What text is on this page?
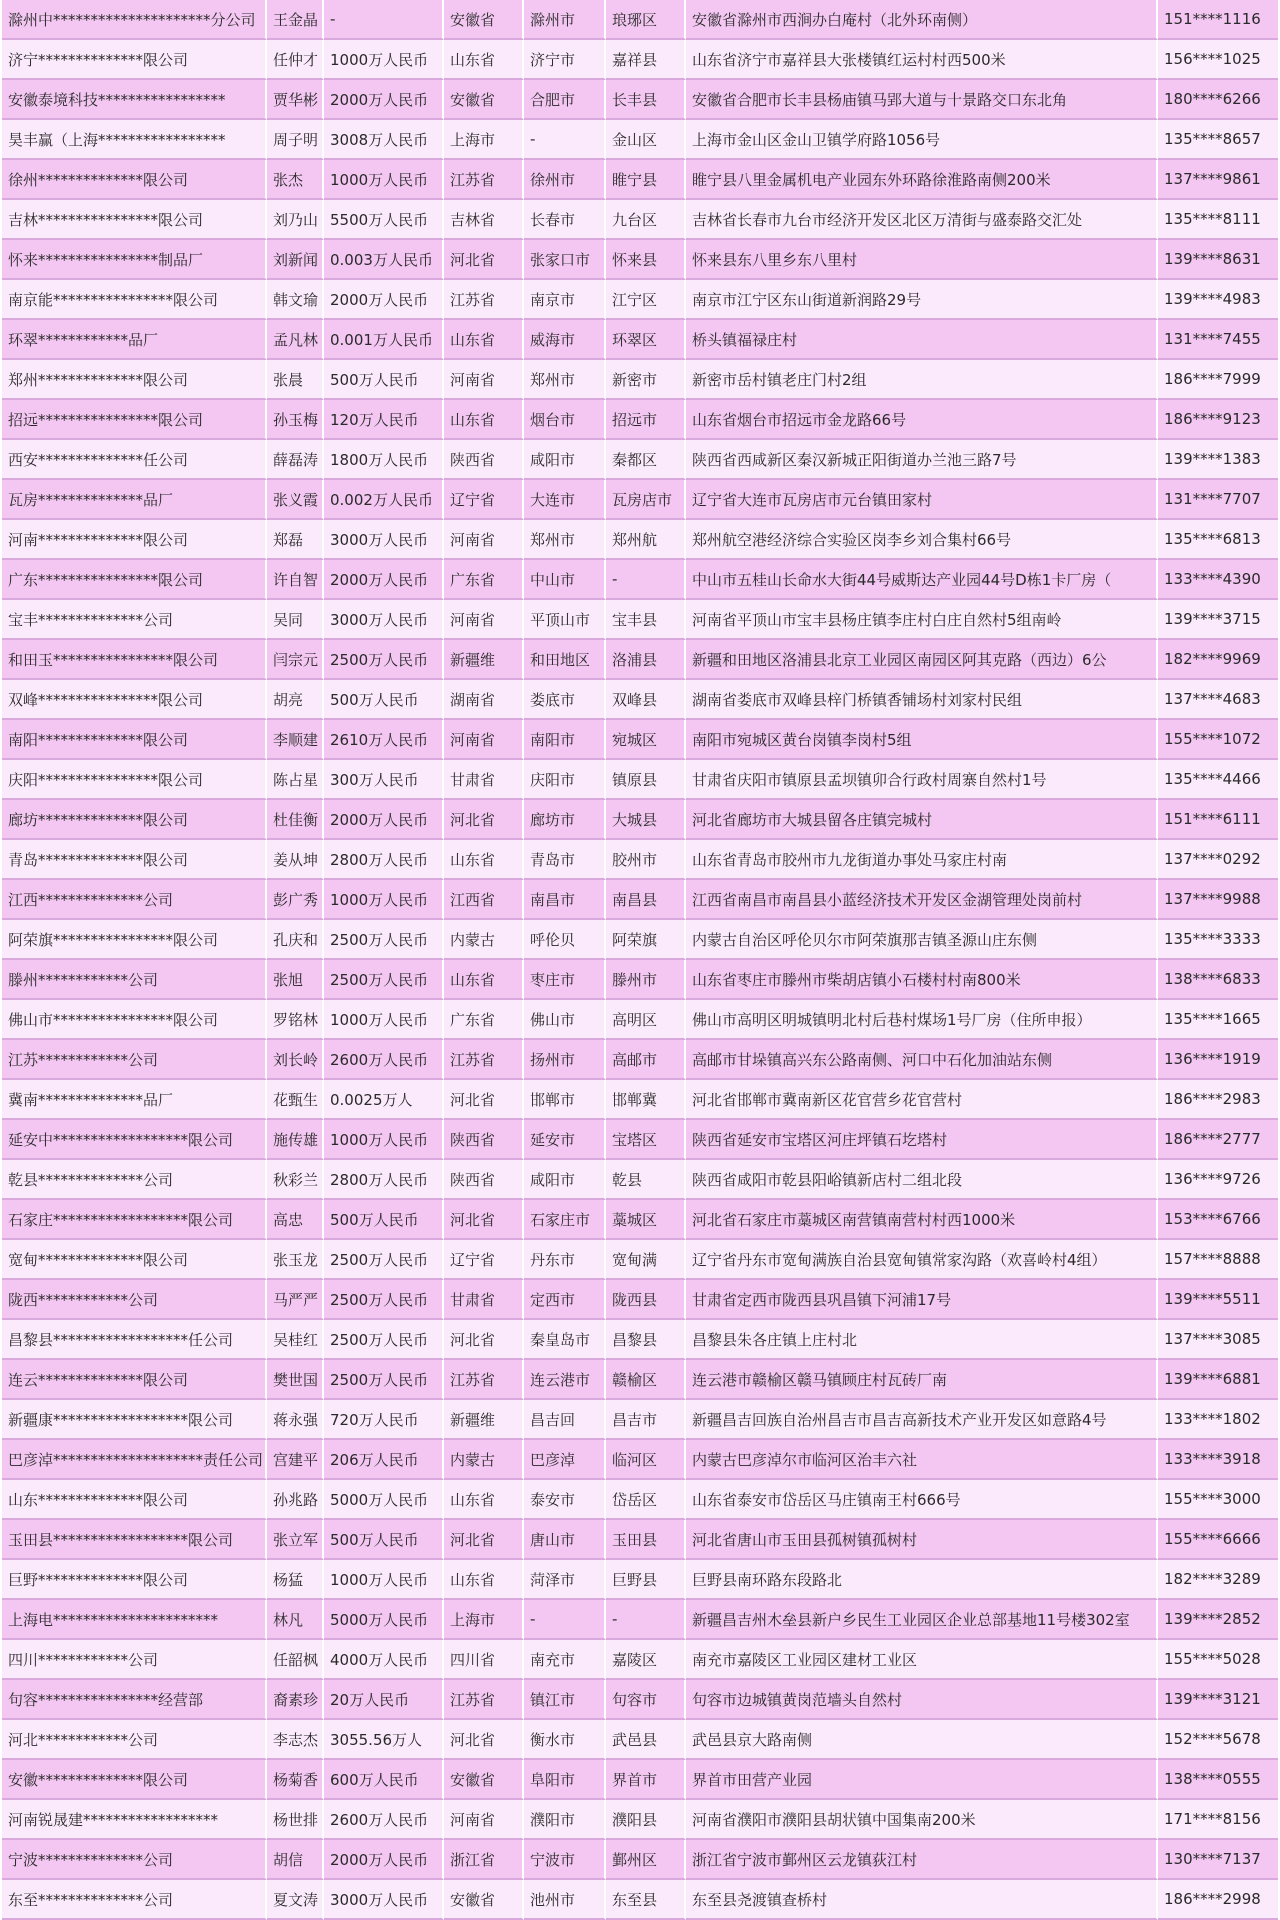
滁州中*********************分公司	王金晶	-	安徽省	滁州市	琅琊区	安徽省滁州市西涧办白庵村（北外环南侧）	151****1116
济宁**************限公司	任仲才	1000万人民币	山东省	济宁市	嘉祥县	山东省济宁市嘉祥县大张楼镇红运村村西500米	156****1025
安徽泰境科技*****************	贾华彬	2000万人民币	安徽省	合肥市	长丰县	安徽省合肥市长丰县杨庙镇马郢大道与十景路交口东北角	180****6266
昊丰赢（上海*****************	周子明	3008万人民币	上海市	-	金山区	上海市金山区金山卫镇学府路1056号	135****8657
徐州**************限公司	张杰	1000万人民币	江苏省	徐州市	睢宁县	睢宁县八里金属机电产业园东外环路徐淮路南侧200米	137****9861
吉林****************限公司	刘乃山	5500万人民币	吉林省	长春市	九台区	吉林省长春市九台市经济开发区北区万清街与盛泰路交汇处	135****8111
怀来****************制品厂	刘新闻	0.003万人民币	河北省	张家口市	怀来县	怀来县东八里乡东八里村	139****8631
南京能****************限公司	韩文瑜	2000万人民币	江苏省	南京市	江宁区	南京市江宁区东山街道新润路29号	139****4983
环翠************品厂	孟凡林	0.001万人民币	山东省	威海市	环翠区	桥头镇福禄庄村	131****7455
郑州**************限公司	张晨	500万人民币	河南省	郑州市	新密市	新密市岳村镇老庄门村2组	186****7999
招远****************限公司	孙玉梅	120万人民币	山东省	烟台市	招远市	山东省烟台市招远市金龙路66号	186****9123
西安**************任公司	薛磊涛	1800万人民币	陕西省	咸阳市	秦都区	陕西省西咸新区秦汉新城正阳街道办兰池三路7号	139****1383
瓦房**************品厂	张义霞	0.002万人民币	辽宁省	大连市	瓦房店市	辽宁省大连市瓦房店市元台镇田家村	131****7707
河南**************限公司	郑磊	3000万人民币	河南省	郑州市	郑州航	郑州航空港经济综合实验区岗李乡刘合集村66号	135****6813
广东****************限公司	许自智	2000万人民币	广东省	中山市	-	中山市五桂山长命水大街44号威斯达产业园44号D栋1卡厂房（	133****4390
宝丰**************公司	吴同	3000万人民币	河南省	平顶山市	宝丰县	河南省平顶山市宝丰县杨庄镇李庄村白庄自然村5组南岭	139****3715
和田玉****************限公司	闫宗元	2500万人民币	新疆维	和田地区	洛浦县	新疆和田地区洛浦县北京工业园区南园区阿其克路（西边）6公	182****9969
双峰****************限公司	胡亮	500万人民币	湖南省	娄底市	双峰县	湖南省娄底市双峰县梓门桥镇香铺场村刘家村民组	137****4683
南阳**************限公司	李顺建	2610万人民币	河南省	南阳市	宛城区	南阳市宛城区黄台岗镇李岗村5组	155****1072
庆阳****************限公司	陈占星	300万人民币	甘肃省	庆阳市	镇原县	甘肃省庆阳市镇原县孟坝镇卯合行政村周寨自然村1号	135****4466
廊坊**************限公司	杜佳衡	2000万人民币	河北省	廊坊市	大城县	河北省廊坊市大城县留各庄镇完城村	151****6111
青岛**************限公司	姜从坤	2800万人民币	山东省	青岛市	胶州市	山东省青岛市胶州市九龙街道办事处马家庄村南	137****0292
江西**************公司	彭广秀	1000万人民币	江西省	南昌市	南昌县	江西省南昌市南昌县小蓝经济技术开发区金湖管理处岗前村	137****9988
阿荣旗****************限公司	孔庆和	2500万人民币	内蒙古	呼伦贝	阿荣旗	内蒙古自治区呼伦贝尔市阿荣旗那吉镇圣源山庄东侧	135****3333
滕州************公司	张旭	2500万人民币	山东省	枣庄市	滕州市	山东省枣庄市滕州市柴胡店镇小石楼村村南800米	138****6833
佛山市****************限公司	罗铭林	1000万人民币	广东省	佛山市	高明区	佛山市高明区明城镇明北村后巷村煤场1号厂房（住所申报）	135****1665
江苏************公司	刘长岭	2600万人民币	江苏省	扬州市	高邮市	高邮市甘垛镇高兴东公路南侧、河口中石化加油站东侧	136****1919
冀南**************品厂	花甄生	0.0025万人	河北省	邯郸市	邯郸冀	河北省邯郸市冀南新区花官营乡花官营村	186****2983
延安中******************限公司	施传雄	1000万人民币	陕西省	延安市	宝塔区	陕西省延安市宝塔区河庄坪镇石圪塔村	186****2777
乾县**************公司	秋彩兰	2800万人民币	陕西省	咸阳市	乾县	陕西省咸阳市乾县阳峪镇新店村二组北段	136****9726
石家庄******************限公司	高忠	500万人民币	河北省	石家庄市	藁城区	河北省石家庄市藁城区南营镇南营村村西1000米	153****6766
宽甸**************限公司	张玉龙	2500万人民币	辽宁省	丹东市	宽甸满	辽宁省丹东市宽甸满族自治县宽甸镇常家沟路（欢喜岭村4组）	157****8888
陇西************公司	马严严	2500万人民币	甘肃省	定西市	陇西县	甘肃省定西市陇西县巩昌镇下河浦17号	139****5511
昌黎县******************任公司	吴桂红	2500万人民币	河北省	秦皇岛市	昌黎县	昌黎县朱各庄镇上庄村北	137****3085
连云**************限公司	樊世国	2500万人民币	江苏省	连云港市	赣榆区	连云港市赣榆区赣马镇顾庄村瓦砖厂南	139****6881
新疆康******************限公司	蒋永强	720万人民币	新疆维	昌吉回	昌吉市	新疆昌吉回族自治州昌吉市昌吉高新技术产业开发区如意路4号	133****1802
巴彦淖********************责任公司	宫建平	206万人民币	内蒙古	巴彦淖	临河区	内蒙古巴彦淖尔市临河区治丰六社	133****3918
山东**************限公司	孙兆路	5000万人民币	山东省	泰安市	岱岳区	山东省泰安市岱岳区马庄镇南王村666号	155****3000
玉田县******************限公司	张立军	500万人民币	河北省	唐山市	玉田县	河北省唐山市玉田县孤树镇孤树村	155****6666
巨野**************限公司	杨猛	1000万人民币	山东省	菏泽市	巨野县	巨野县南环路东段路北	182****3289
上海电**********************	林凡	5000万人民币	上海市	-	-	新疆昌吉州木垒县新户乡民生工业园区企业总部基地11号楼302室	139****2852
四川************公司	任韶枫	4000万人民币	四川省	南充市	嘉陵区	南充市嘉陵区工业园区建材工业区	155****5028
句容****************经营部	裔素珍	20万人民币	江苏省	镇江市	句容市	句容市边城镇黄岗范墙头自然村	139****3121
河北************公司	李志杰	3055.56万人	河北省	衡水市	武邑县	武邑县京大路南侧	152****5678
安徽**************限公司	杨菊香	600万人民币	安徽省	阜阳市	界首市	界首市田营产业园	138****0555
河南锐晟建******************	杨世排	2600万人民币	河南省	濮阳市	濮阳县	河南省濮阳市濮阳县胡状镇中国集南200米	171****8156
宁波**************公司	胡信	2000万人民币	浙江省	宁波市	鄞州区	浙江省宁波市鄞州区云龙镇荻江村	130****7137
东至**************公司	夏文涛	3000万人民币	安徽省	池州市	东至县	东至县尧渡镇查桥村	186****2998
